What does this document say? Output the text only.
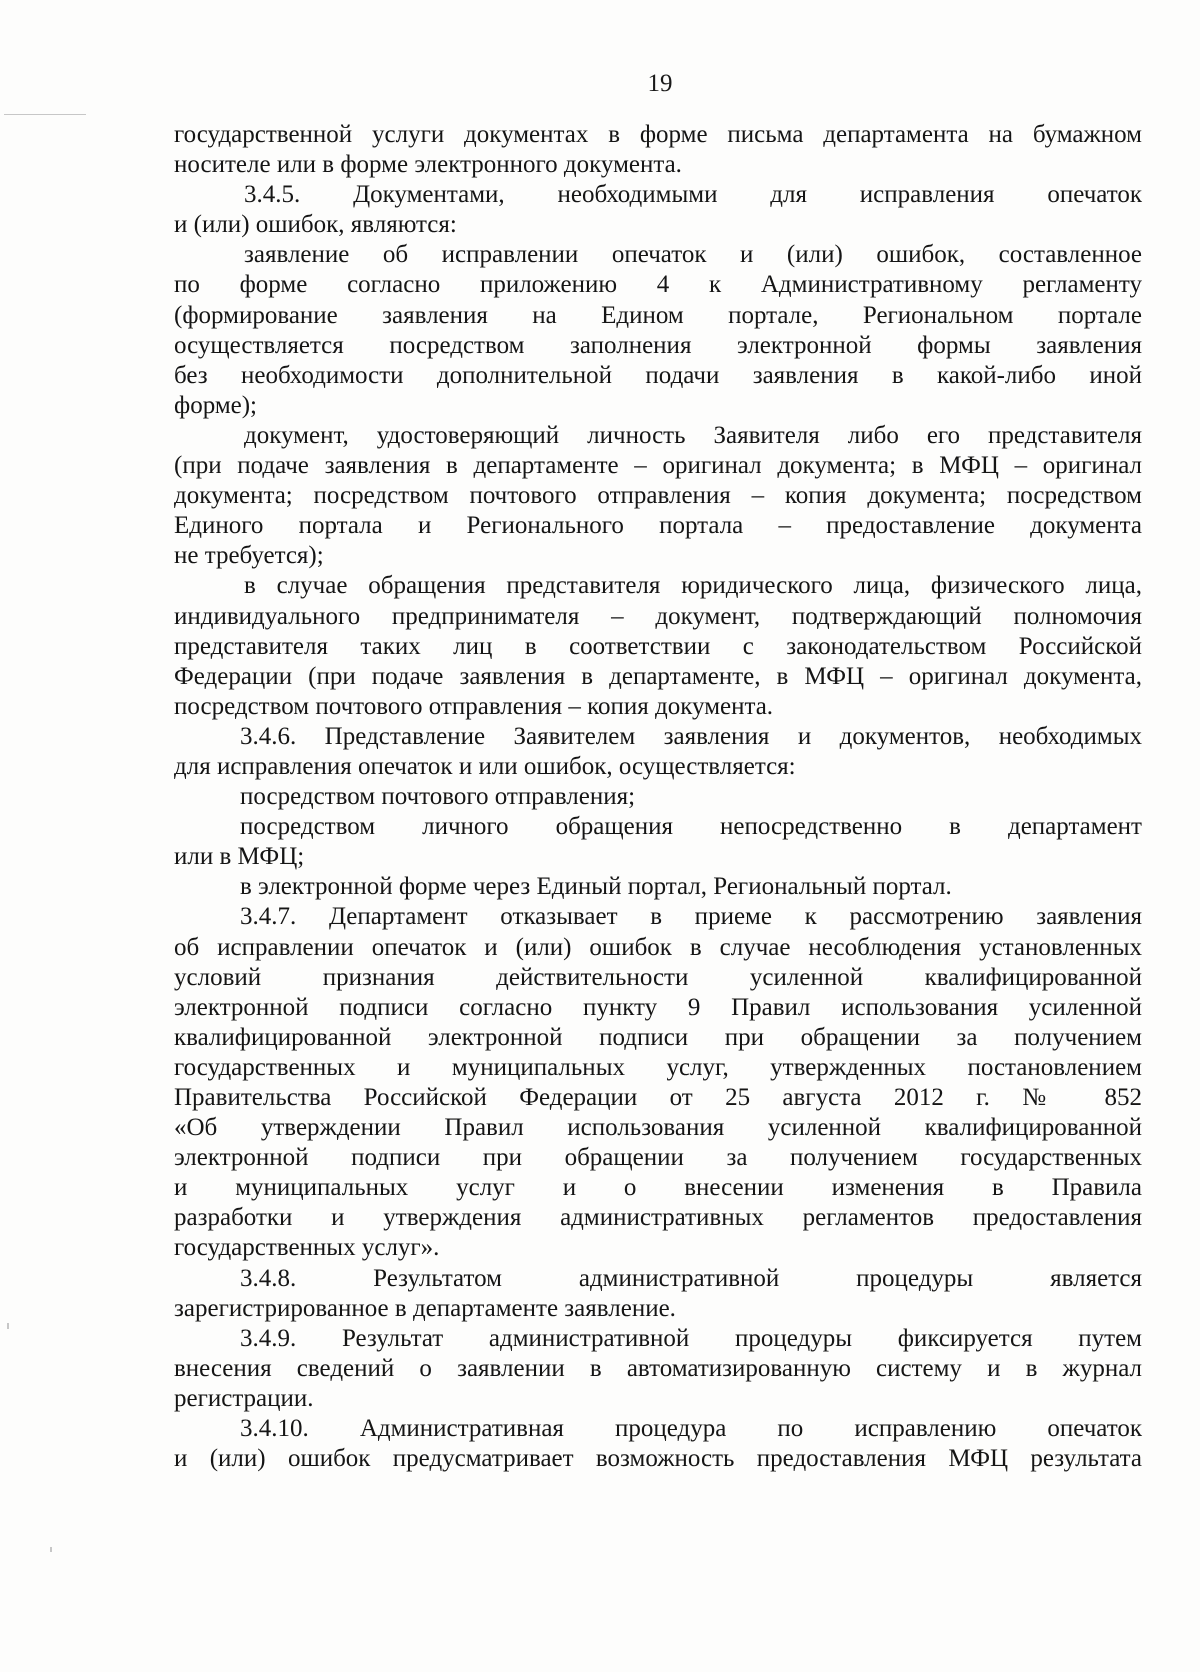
19
государственной услуги документах в форме письма департамента на бумажном
носителе или в форме электронного документа.
3.4.5. Документами, необходимыми для исправления опечаток
и (или) ошибок, являются:
заявление об исправлении опечаток и (или) ошибок, составленное
по форме согласно приложению 4 к Административному регламенту
(формирование заявления на Едином портале, Региональном портале
осуществляется посредством заполнения электронной формы заявления
без необходимости дополнительной подачи заявления в какой-либо иной
форме);
документ, удостоверяющий личность Заявителя либо его представителя
(при подаче заявления в департаменте – оригинал документа; в МФЦ – оригинал
документа; посредством почтового отправления – копия документа; посредством
Единого портала и Регионального портала – предоставление документа
не требуется);
в случае обращения представителя юридического лица, физического лица,
индивидуального предпринимателя – документ, подтверждающий полномочия
представителя таких лиц в соответствии с законодательством Российской
Федерации (при подаче заявления в департаменте, в МФЦ – оригинал документа,
посредством почтового отправления – копия документа.
3.4.6. Представление Заявителем заявления и документов, необходимых
для исправления опечаток и или ошибок, осуществляется:
посредством почтового отправления;
посредством личного обращения непосредственно в департамент
или в МФЦ;
в электронной форме через Единый портал, Региональный портал.
3.4.7. Департамент отказывает в приеме к рассмотрению заявления
об исправлении опечаток и (или) ошибок в случае несоблюдения установленных
условий признания действительности усиленной квалифицированной
электронной подписи согласно пункту 9 Правил использования усиленной
квалифицированной электронной подписи при обращении за получением
государственных и муниципальных услуг, утвержденных постановлением
Правительства Российской Федерации от 25 августа 2012 г. № 852
«Об утверждении Правил использования усиленной квалифицированной
электронной подписи при обращении за получением государственных
и муниципальных услуг и о внесении изменения в Правила
разработки и утверждения административных регламентов предоставления
государственных услуг».
3.4.8. Результатом административной процедуры является
зарегистрированное в департаменте заявление.
3.4.9. Результат административной процедуры фиксируется путем
внесения сведений о заявлении в автоматизированную систему и в журнал
регистрации.
3.4.10. Административная процедура по исправлению опечаток
и (или) ошибок предусматривает возможность предоставления МФЦ результата
